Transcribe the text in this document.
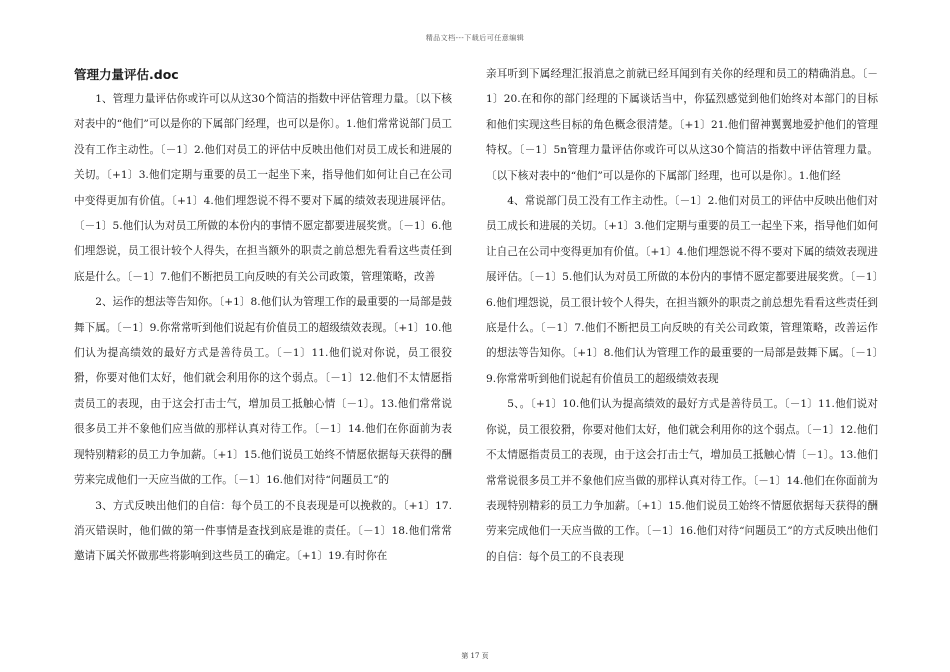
精品文档---下载后可任意编辑
管理力量评估.doc

1、管理力量评估你或许可以从这30个简洁的指数中评估管理力量。〔以下核对表中的“他们”可以是你的下属部门经理，也可以是你〕。1.他们常常说部门员工没有工作主动性。〔－1〕2.他们对员工的评估中反映出他们对员工成长和进展的关切。〔+1〕3.他们定期与重要的员工一起坐下来，指导他们如何让自己在公司中变得更加有价值。〔+1〕4.他们埋怨说不得不要对下属的绩效表现进展评估。〔－1〕5.他们认为对员工所做的本份内的事情不愿定都要进展奖赏。〔－1〕6.他们埋怨说，员工很计较个人得失，在担当额外的职责之前总想先看看这些责任到底是什么。〔－1〕7.他们不断把员工向反映的有关公司政策，管理策略，改善

2、运作的想法等告知你。〔+1〕8.他们认为管理工作的最重要的一局部是鼓舞下属。〔－1〕9.你常常听到他们说起有价值员工的超级绩效表现。〔+1〕10.他们认为提高绩效的最好方式是善待员工。〔－1〕11.他们说对你说，员工很狡猾，你要对他们太好，他们就会利用你的这个弱点。〔－1〕12.他们不太情愿指责员工的表现，由于这会打击士气，增加员工抵触心情〔－1〕。13.他们常常说很多员工并不象他们应当做的那样认真对待工作。〔－1〕14.他们在你面前为表现特别精彩的员工力争加薪。〔+1〕15.他们说员工始终不情愿依据每天获得的酬劳来完成他们一天应当做的工作。〔－1〕16.他们对待“问题员工”的

3、方式反映出他们的自信：每个员工的不良表现是可以挽救的。〔+1〕17.消灭错误时，他们做的第一件事情是查找到底是谁的责任。〔－1〕18.他们常常邀请下属关怀做那些将影响到这些员工的确定。〔+1〕19.有时你在

亲耳听到下属经理汇报消息之前就已经耳闻到有关你的经理和员工的精确消息。〔－1〕20.在和你的部门经理的下属谈话当中，你猛烈感觉到他们始终对本部门的目标和他们实现这些目标的角色概念很清楚。〔+1〕21.他们留神翼翼地爱护他们的管理特权。〔－1〕5n管理力量评估你或许可以从这30个简洁的指数中评估管理力量。〔以下核对表中的“他们”可以是你的下属部门经理，也可以是你〕。1.他们经

4、常说部门员工没有工作主动性。〔－1〕2.他们对员工的评估中反映出他们对员工成长和进展的关切。〔+1〕3.他们定期与重要的员工一起坐下来，指导他们如何让自己在公司中变得更加有价值。〔+1〕4.他们埋怨说不得不要对下属的绩效表现进展评估。〔－1〕5.他们认为对员工所做的本份内的事情不愿定都要进展奖赏。〔－1〕6.他们埋怨说，员工很计较个人得失，在担当额外的职责之前总想先看看这些责任到底是什么。〔－1〕7.他们不断把员工向反映的有关公司政策，管理策略，改善运作的想法等告知你。〔+1〕8.他们认为管理工作的最重要的一局部是鼓舞下属。〔－1〕9.你常常听到他们说起有价值员工的超级绩效表现

5、。〔+1〕10.他们认为提高绩效的最好方式是善待员工。〔－1〕11.他们说对你说，员工很狡猾，你要对他们太好，他们就会利用你的这个弱点。〔－1〕12.他们不太情愿指责员工的表现，由于这会打击士气，增加员工抵触心情〔－1〕。13.他们常常说很多员工并不象他们应当做的那样认真对待工作。〔－1〕14.他们在你面前为表现特别精彩的员工力争加薪。〔+1〕15.他们说员工始终不情愿依据每天获得的酬劳来完成他们一天应当做的工作。〔－1〕16.他们对待“问题员工”的方式反映出他们的自信：每个员工的不良表现

第 17 页
